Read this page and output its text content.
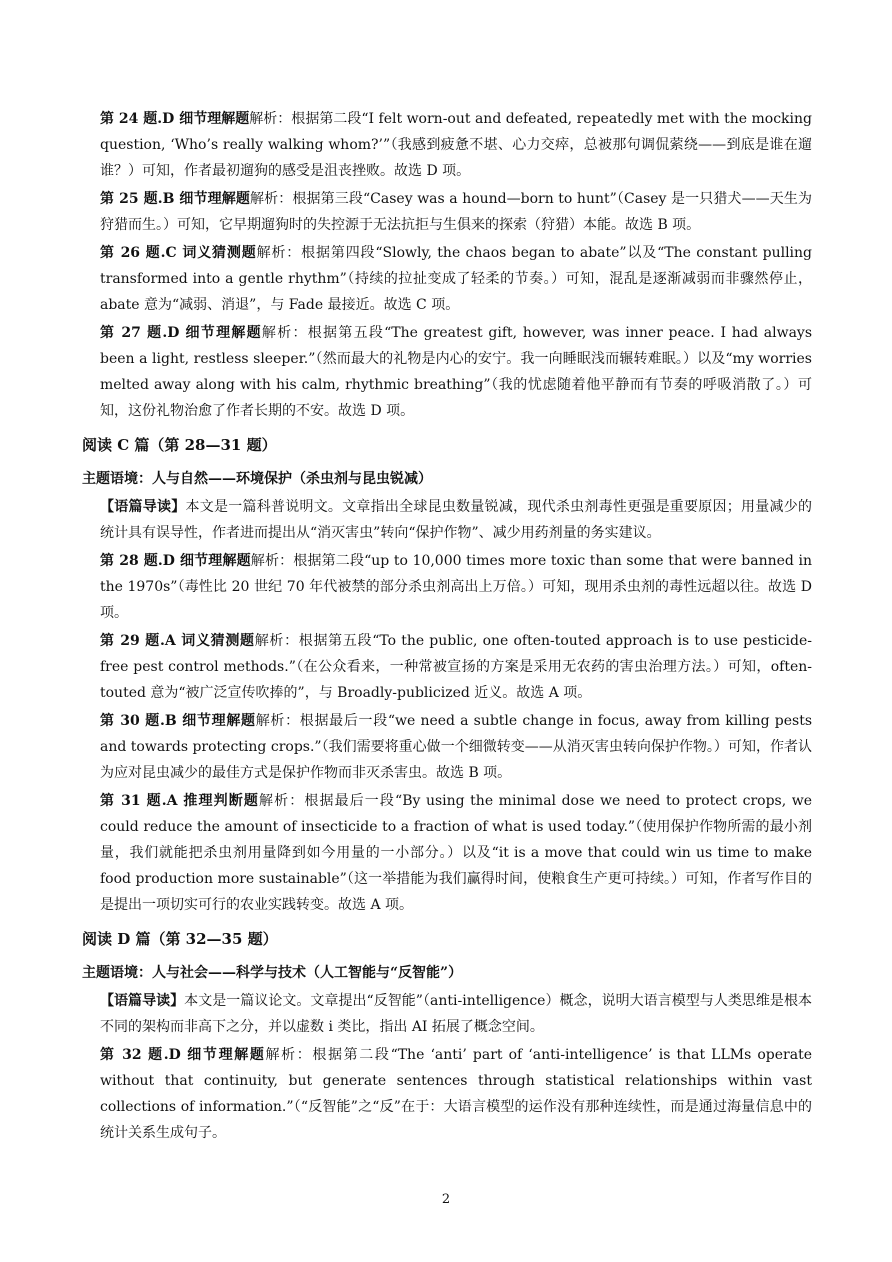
第 24 题.D 细节理解题解析：根据第二段“I felt worn-out and defeated, repeatedly met with the mocking question, ‘Who’s really walking whom?’”（我感到疲惫不堪、心力交瘁，总被那句调侃萦绕——到底是谁在遛谁？）可知，作者最初遛狗的感受是沮丧挫败。故选 D 项。

第 25 题.B 细节理解题解析：根据第三段“Casey was a hound—born to hunt”（Casey 是一只猎犬——天生为狩猎而生。）可知，它早期遛狗时的失控源于无法抗拒与生俱来的探索（狩猎）本能。故选 B 项。

第 26 题.C 词义猜测题解析：根据第四段“Slowly, the chaos began to abate”以及“The constant pulling transformed into a gentle rhythm”（持续的拉扯变成了轻柔的节奏。）可知，混乱是逐渐减弱而非骤然停止，abate 意为“减弱、消退”，与 Fade 最接近。故选 C 项。

第 27 题.D 细节理解题解析：根据第五段“The greatest gift, however, was inner peace. I had always been a light, restless sleeper.”（然而最大的礼物是内心的安宁。我一向睡眠浅而辗转难眠。）以及“my worries melted away along with his calm, rhythmic breathing”（我的忧虑随着他平静而有节奏的呼吸消散了。）可知，这份礼物治愈了作者长期的不安。故选 D 项。

阅读 C 篇（第 28—31 题）
主题语境：人与自然——环境保护（杀虫剂与昆虫锐减）

【语篇导读】本文是一篇科普说明文。文章指出全球昆虫数量锐减，现代杀虫剂毒性更强是重要原因；用量减少的统计具有误导性，作者进而提出从“消灭害虫”转向“保护作物”、减少用药剂量的务实建议。

第 28 题.D 细节理解题解析：根据第二段“up to 10,000 times more toxic than some that were banned in the 1970s”（毒性比 20 世纪 70 年代被禁的部分杀虫剂高出上万倍。）可知，现用杀虫剂的毒性远超以往。故选 D 项。

第 29 题.A 词义猜测题解析：根据第五段“To the public, one often-touted approach is to use pesticide-free pest control methods.”（在公众看来，一种常被宣扬的方案是采用无农药的害虫治理方法。）可知，often-touted 意为“被广泛宣传吹捧的”，与 Broadly-publicized 近义。故选 A 项。

第 30 题.B 细节理解题解析：根据最后一段“we need a subtle change in focus, away from killing pests and towards protecting crops.”（我们需要将重心做一个细微转变——从消灭害虫转向保护作物。）可知，作者认为应对昆虫减少的最佳方式是保护作物而非灭杀害虫。故选 B 项。

第 31 题.A 推理判断题解析：根据最后一段“By using the minimal dose we need to protect crops, we could reduce the amount of insecticide to a fraction of what is used today.”（使用保护作物所需的最小剂量，我们就能把杀虫剂用量降到如今用量的一小部分。）以及“it is a move that could win us time to make food production more sustainable”（这一举措能为我们赢得时间，使粮食生产更可持续。）可知，作者写作目的是提出一项切实可行的农业实践转变。故选 A 项。

阅读 D 篇（第 32—35 题）
主题语境：人与社会——科学与技术（人工智能与“反智能”）

【语篇导读】本文是一篇议论文。文章提出“反智能”（anti-intelligence）概念，说明大语言模型与人类思维是根本不同的架构而非高下之分，并以虚数 i 类比，指出 AI 拓展了概念空间。

第 32 题.D 细节理解题解析：根据第二段“The ‘anti’ part of ‘anti-intelligence’ is that LLMs operate without that continuity, but generate sentences through statistical relationships within vast collections of information.”（“反智能”之“反”在于：大语言模型的运作没有那种连续性，而是通过海量信息中的统计关系生成句子。

2
